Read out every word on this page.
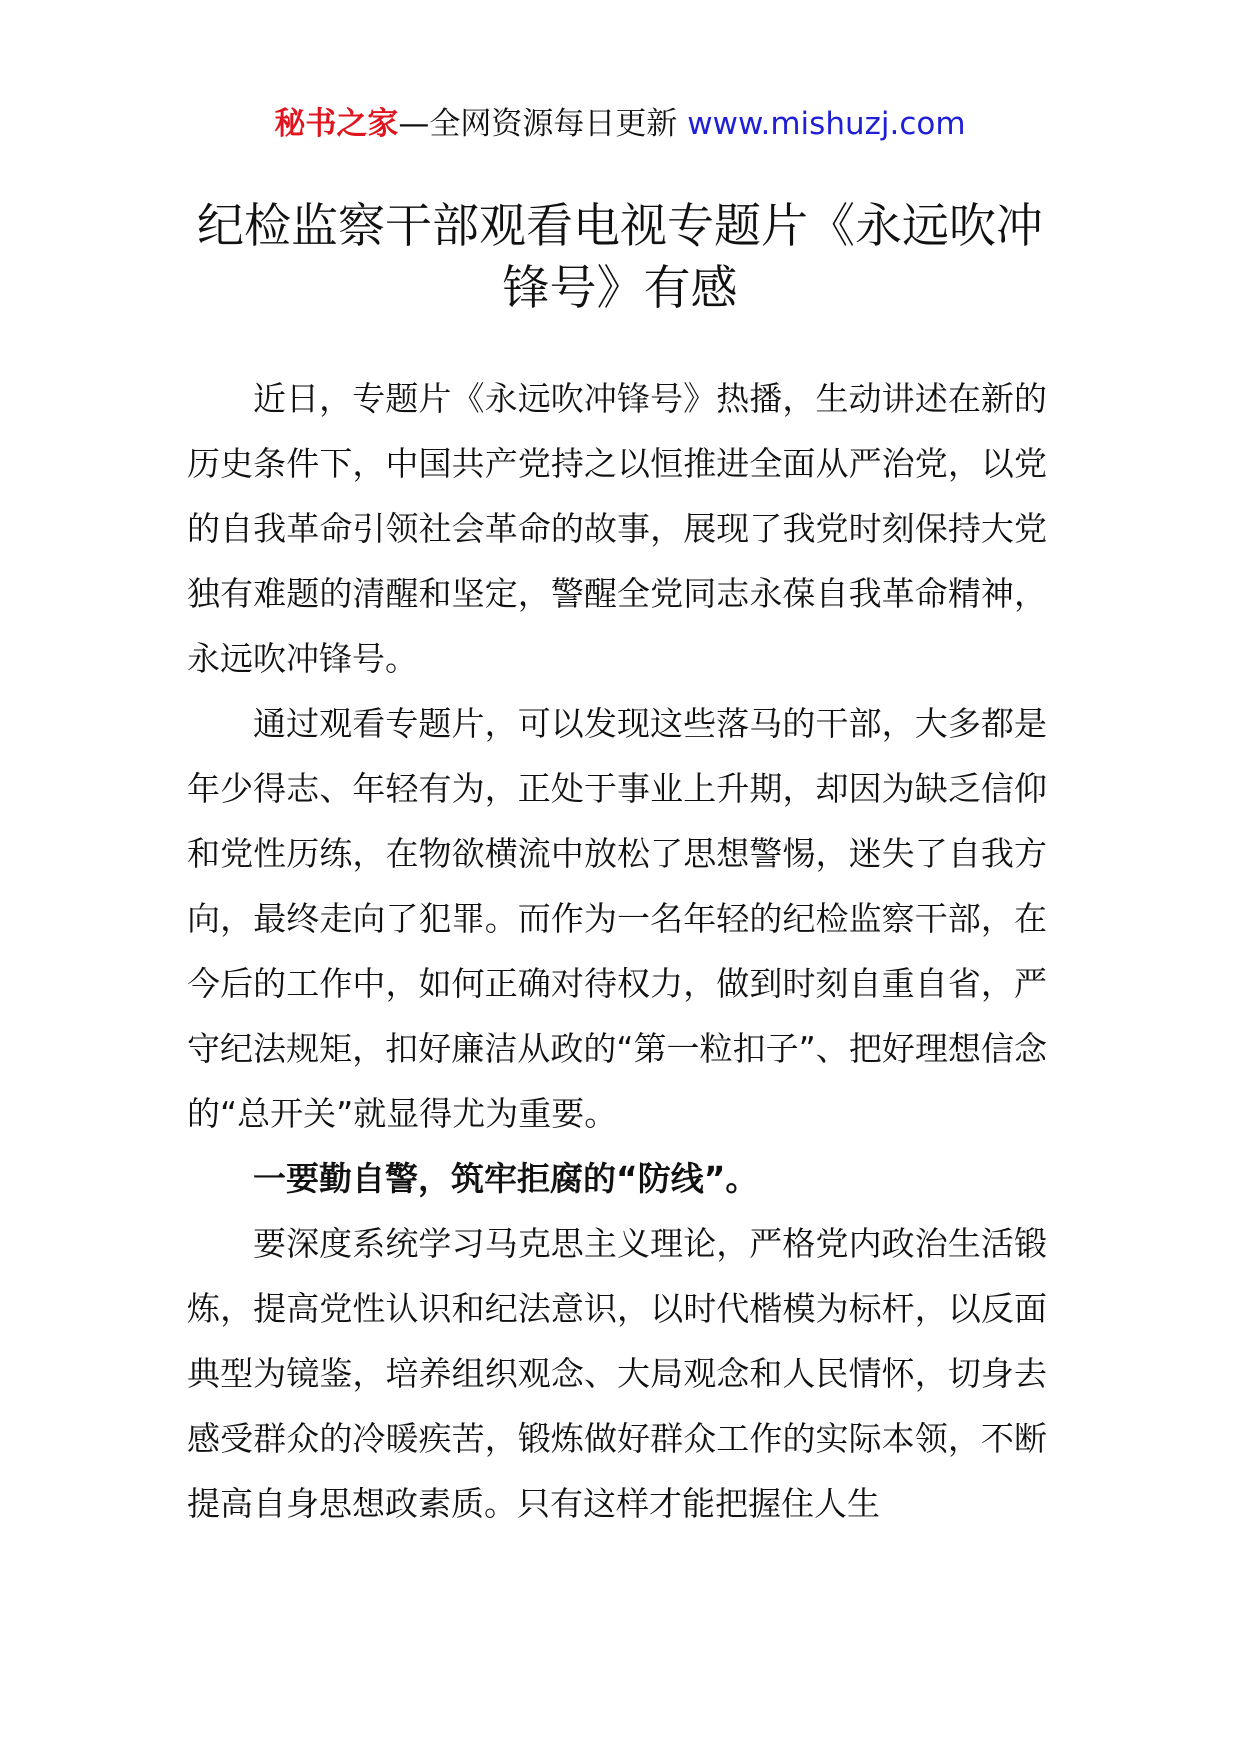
秘书之家—全网资源每日更新 www.mishuzj.com
纪检监察干部观看电视专题片《永远吹冲
锋号》有感

近日，专题片《永远吹冲锋号》热播，生动讲述在新的历史条件下，中国共产党持之以恒推进全面从严治党，以党的自我革命引领社会革命的故事，展现了我党时刻保持大党独有难题的清醒和坚定，警醒全党同志永葆自我革命精神，永远吹冲锋号。

通过观看专题片，可以发现这些落马的干部，大多都是年少得志、年轻有为，正处于事业上升期，却因为缺乏信仰和党性历练，在物欲横流中放松了思想警惕，迷失了自我方向，最终走向了犯罪。而作为一名年轻的纪检监察干部，在今后的工作中，如何正确对待权力，做到时刻自重自省，严守纪法规矩，扣好廉洁从政的“第一粒扣子”、把好理想信念的“总开关”就显得尤为重要。

一要勤自警，筑牢拒腐的“防线”。

要深度系统学习马克思主义理论，严格党内政治生活锻炼，提高党性认识和纪法意识，以时代楷模为标杆，以反面典型为镜鉴，培养组织观念、大局观念和人民情怀，切身去感受群众的冷暖疾苦，锻炼做好群众工作的实际本领，不断提高自身思想政素质。只有这样才能把握住人生
